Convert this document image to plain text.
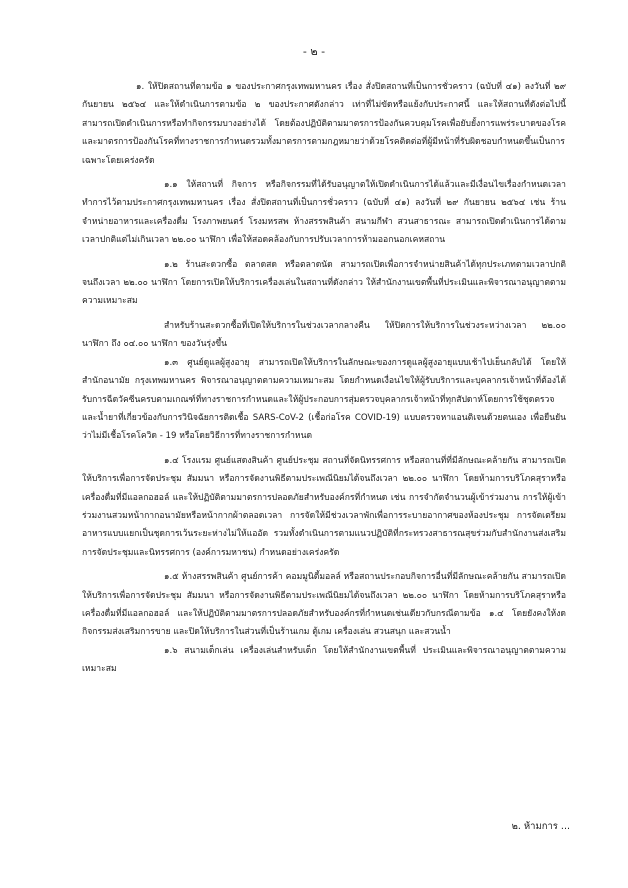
- ๒ -

๑. ให้ปิดสถานที่ตามข้อ ๑ ของประกาศกรุงเทพมหานคร เรื่อง สั่งปิดสถานที่เป็นการชั่วคราว (ฉบับที่ ๔๑) ลงวันที่ ๒๙ กันยายน ๒๕๖๔ และให้ดำเนินการตามข้อ ๒ ของประกาศดังกล่าว เท่าที่ไม่ขัดหรือแย้งกับประกาศนี้ และให้สถานที่ดังต่อไปนี้ สามารถเปิดดำเนินการหรือทำกิจกรรมบางอย่างได้ โดยต้องปฏิบัติตามมาตรการป้องกันควบคุมโรคเพื่อยับยั้งการแพร่ระบาดของโรคและมาตรการป้องกันโรคที่ทางราชการกำหนดรวมทั้งมาตรการตามกฎหมายว่าด้วยโรคติดต่อที่ผู้มีหน้าที่รับผิดชอบกำหนดขึ้นเป็นการเฉพาะโดยเคร่งครัด

๑.๑ ให้สถานที่ กิจการ หรือกิจกรรมที่ได้รับอนุญาตให้เปิดดำเนินการได้แล้วและมีเงื่อนไขเรื่องกำหนดเวลาทำการไว้ตามประกาศกรุงเทพมหานคร เรื่อง สั่งปิดสถานที่เป็นการชั่วคราว (ฉบับที่ ๔๑) ลงวันที่ ๒๙ กันยายน ๒๕๖๔ เช่น ร้านจำหน่ายอาหารและเครื่องดื่ม โรงภาพยนตร์ โรงมหรสพ ห้างสรรพสินค้า สนามกีฬา สวนสาธารณะ สามารถเปิดดำเนินการได้ตามเวลาปกติแต่ไม่เกินเวลา ๒๒.๐๐ นาฬิกา เพื่อให้สอดคล้องกับการปรับเวลาการห้ามออกนอกเคหสถาน

๑.๒ ร้านสะดวกซื้อ ตลาดสด หรือตลาดนัด สามารถเปิดเพื่อการจำหน่ายสินค้าได้ทุกประเภทตามเวลาปกติจนถึงเวลา ๒๒.๐๐ นาฬิกา โดยการเปิดให้บริการเครื่องเล่นในสถานที่ดังกล่าว ให้สำนักงานเขตพื้นที่ประเมินและพิจารณาอนุญาตตามความเหมาะสม

สำหรับร้านสะดวกซื้อที่เปิดให้บริการในช่วงเวลากลางคืน ให้ปิดการให้บริการในช่วงระหว่างเวลา ๒๒.๐๐ นาฬิกา ถึง ๐๔.๐๐ นาฬิกา ของวันรุ่งขึ้น

๑.๓ ศูนย์ดูแลผู้สูงอายุ สามารถเปิดให้บริการในลักษณะของการดูแลผู้สูงอายุแบบเช้าไปเย็นกลับได้ โดยให้สำนักอนามัย กรุงเทพมหานคร พิจารณาอนุญาตตามความเหมาะสม โดยกำหนดเงื่อนไขให้ผู้รับบริการและบุคลากรเจ้าหน้าที่ต้องได้รับการฉีดวัคซีนครบตามเกณฑ์ที่ทางราชการกำหนดและให้ผู้ประกอบการสุ่มตรวจบุคลากรเจ้าหน้าที่ทุกสัปดาห์โดยการใช้ชุดตรวจและน้ำยาที่เกี่ยวข้องกับการวินิจฉัยการติดเชื้อ SARS-CoV-2 (เชื้อก่อโรค COVID-19) แบบตรวจหาแอนติเจนด้วยตนเอง เพื่อยืนยันว่าไม่มีเชื้อโรคโควิด - 19 หรือโดยวิธีการที่ทางราชการกำหนด

๑.๔ โรงแรม ศูนย์แสดงสินค้า ศูนย์ประชุม สถานที่จัดนิทรรศการ หรือสถานที่ที่มีลักษณะคล้ายกัน สามารถเปิดให้บริการเพื่อการจัดประชุม สัมมนา หรือการจัดงานพิธีตามประเพณีนิยมได้จนถึงเวลา ๒๒.๐๐ นาฬิกา โดยห้ามการบริโภคสุราหรือเครื่องดื่มที่มีแอลกอฮอล์ และให้ปฏิบัติตามมาตรการปลอดภัยสำหรับองค์กรที่กำหนด เช่น การจำกัดจำนวนผู้เข้าร่วมงาน การให้ผู้เข้าร่วมงานสวมหน้ากากอนามัยหรือหน้ากากผ้าตลอดเวลา การจัดให้มีช่วงเวลาพักเพื่อการระบายอากาศของห้องประชุม การจัดเตรียมอาหารแบบแยกเป็นชุดการเว้นระยะห่างไม่ให้แออัด รวมทั้งดำเนินการตามแนวปฏิบัติที่กระทรวงสาธารณสุขร่วมกับสำนักงานส่งเสริมการจัดประชุมและนิทรรศการ (องค์การมหาชน) กำหนดอย่างเคร่งครัด

๑.๕ ห้างสรรพสินค้า ศูนย์การค้า คอมมูนิตี้มอลล์ หรือสถานประกอบกิจการอื่นที่มีลักษณะคล้ายกัน สามารถเปิดให้บริการเพื่อการจัดประชุม สัมมนา หรือการจัดงานพิธีตามประเพณีนิยมได้จนถึงเวลา ๒๒.๐๐ นาฬิกา โดยห้ามการบริโภคสุราหรือเครื่องดื่มที่มีแอลกอฮอล์ และให้ปฏิบัติตามมาตรการปลอดภัยสำหรับองค์กรที่กำหนดเช่นเดียวกับกรณีตามข้อ ๑.๔ โดยยังคงให้งดกิจกรรมส่งเสริมการขาย และปิดให้บริการในส่วนที่เป็นร้านเกม ตู้เกม เครื่องเล่น สวนสนุก และสวนน้ำ

๑.๖ สนามเด็กเล่น เครื่องเล่นสำหรับเด็ก โดยให้สำนักงานเขตพื้นที่ ประเมินและพิจารณาอนุญาตตามความเหมาะสม

๒. ห้ามการ ...
